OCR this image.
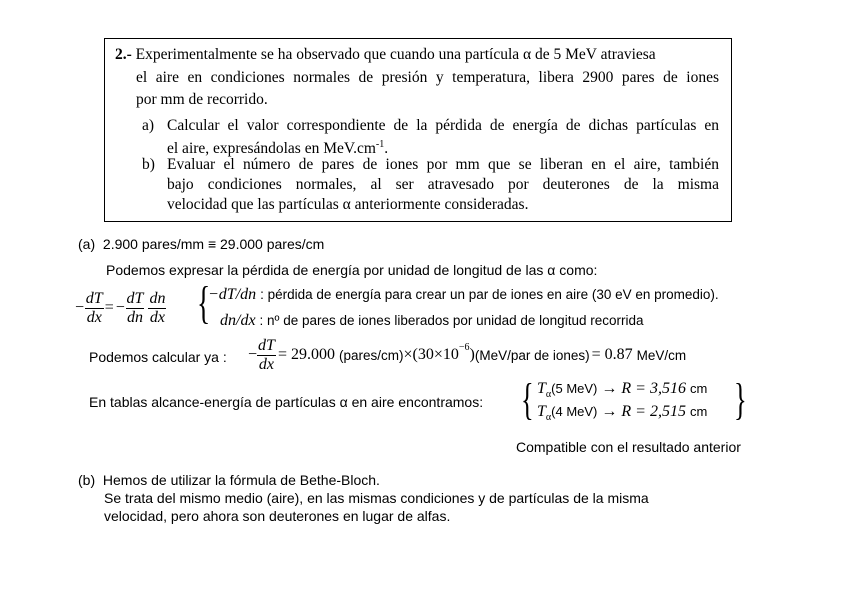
2.- Experimentalmente se ha observado que cuando una partícula α de 5 MeV atraviesa
el aire en condiciones normales de presión y temperatura, libera 2900 pares de iones
por mm de recorrido.
a) Calcular el valor correspondiente de la pérdida de energía de dichas partículas en
el aire, expresándolas en $MeV.cm^{-1}$.
b) Evaluar el número de pares de iones por mm que se liberan en el aire, también
bajo condiciones normales, al ser atravesado por deuterones de la misma
velocidad que las partículas α anteriormente consideradas.
(a) 2.900 pares/mm ≡ 29.000 pares/cm
Podemos expresar la pérdida de energía por unidad de longitud de las α como:
− $\frac{dT}{dx}$ = − $\frac{dT}{dn} \frac{dn}{dx}$ {
−dT/dn : pérdida de energía para crear un par de iones en aire (30 eV en promedio).
dn/dx : nº de pares de iones liberados por unidad de longitud recorrida
Podemos calcular ya : − $\frac{dT}{dx} = 29.000$ (pares/cm) $\times(30\times 10^{-6}$ ) (MeV/par de iones) = 0.87 MeV/cm
En tablas alcance-energía de partículas α en aire encontramos: { $T_\alpha(5$ MeV) → R = 3,516 cm
$T_\alpha(4$ MeV) → R = 2,515 cm }
Compatible con el resultado anterior
(b) Hemos de utilizar la fórmula de Bethe-Bloch.
Se trata del mismo medio (aire), en las mismas condiciones y de partículas de la misma
velocidad, pero ahora son deuterones en lugar de alfas.
